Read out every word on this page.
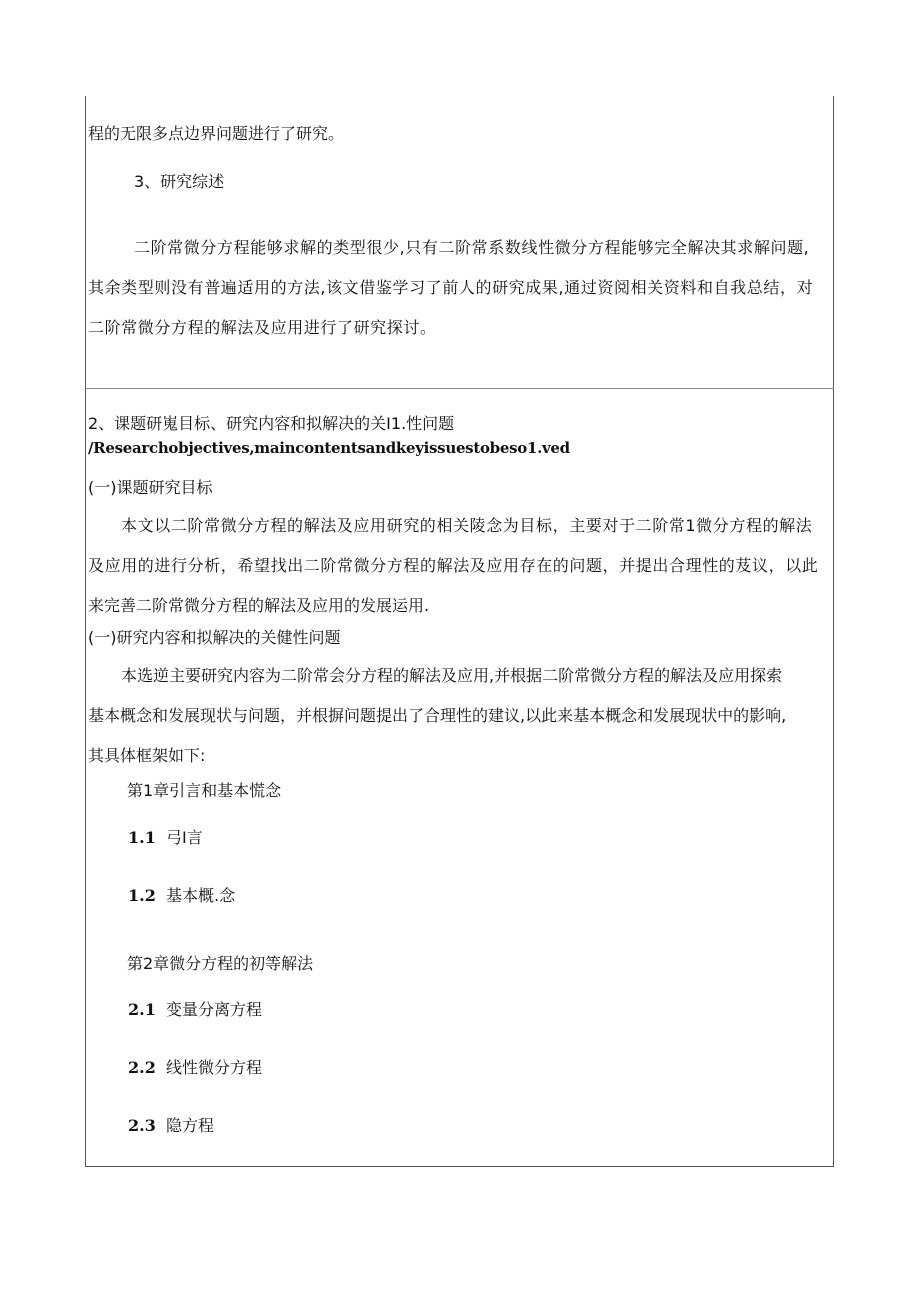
程的无限多点边界问题进行了研究。
3、研究综述
二阶常微分方程能够求解的类型很少,只有二阶常系数线性微分方程能够完全解决其求解问题,
其余类型则没有普遍适用的方法,该文借鉴学习了前人的研究成果,通过资阅相关资料和自我总结，对
二阶常微分方程的解法及应用进行了研究探讨。
2、课题研嵬目标、研究内容和拟解决的关I1.性问题
/Researchobjectives,maincontentsandkeyissuestobeso1.ved
(一)课题研究目标
本文以二阶常微分方程的解法及应用研究的相关陵念为目标，主要对于二阶常1微分方程的解法
及应用的进行分析，希望找出二阶常微分方程的解法及应用存在的问题，并提出合理性的芨议，以此
来完善二阶常微分方程的解法及应用的发展运用.
(一)研究内容和拟解决的关健性问题
本选逆主要研究内容为二阶常会分方程的解法及应用,并根据二阶常微分方程的解法及应用探索
基本概念和发展现状与问题，并根摒问题提出了合理性的建议,以此来基本概念和发展现状中的影响,
其具体框架如下:
第1章引言和基本慌念
1.1 弓I言
1.2 基本概.念
第2章微分方程的初等解法
2.1 变量分离方程
2.2 线性微分方程
2.3 隐方程
